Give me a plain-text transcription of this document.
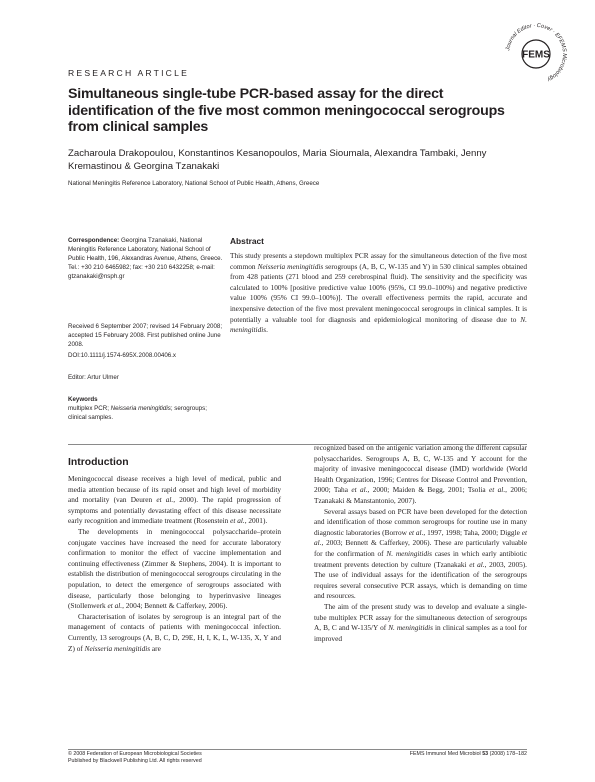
FEMS
Journal Editor · Cover · EFEMS Microbiology
RESEARCH ARTICLE
Simultaneous single-tube PCR-based assay for the direct identification of the five most common meningococcal serogroups from clinical samples
Zacharoula Drakopoulou, Konstantinos Kesanopoulos, Maria Sioumala, Alexandra Tambaki, Jenny Kremastinou & Georgina Tzanakaki
National Meningitis Reference Laboratory, National School of Public Health, Athens, Greece
Correspondence: Georgina Tzanakaki, National Meningitis Reference Laboratory, National School of Public Health, 196, Alexandras Avenue, Athens, Greece. Tel.: +30 210 6465982; fax: +30 210 6432258; e-mail: gtzanakaki@nsph.gr
Received 6 September 2007; revised 14 February 2008; accepted 15 February 2008. First published online June 2008.
DOI:10.1111/j.1574-695X.2008.00406.x
Editor: Artur Ulmer
Keywords
multiplex PCR; Neisseria meningitidis; serogroups; clinical samples.
Abstract

This study presents a stepdown multiplex PCR assay for the simultaneous detection of the five most common Neisseria meningitidis serogroups (A, B, C, W-135 and Y) in 530 clinical samples obtained from 428 patients (271 blood and 259 cerebrospinal fluid). The sensitivity and the specificity was calculated to 100% [positive predictive value 100% (95%, CI 99.0–100%) and negative predictive value 100% (95% CI 99.0–100%)]. The overall effectiveness permits the rapid, accurate and inexpensive detection of the five most prevalent meningococcal serogroups in clinical samples. It is potentially a valuable tool for diagnosis and epidemiological monitoring of disease due to N. meningitidis.

Introduction

Meningococcal disease receives a high level of medical, public and media attention because of its rapid onset and high level of morbidity and mortality (van Deuren et al., 2000). The rapid progression of symptoms and potentially devastating effect of this disease necessitate early recognition and immediate treatment (Rosenstein et al., 2001).

The developments in meningococcal polysaccharide–protein conjugate vaccines have increased the need for accurate laboratory confirmation to monitor the effect of vaccine implementation and continuing effectiveness (Zimmer & Stephens, 2004). It is important to establish the distribution of meningococcal serogroups circulating in the population, to detect the emergence of serogroups associated with disease, particularly those belonging to hyperinvasive lineages (Stollenwerk et al., 2004; Bennett & Cafferkey, 2006).

Characterisation of isolates by serogroup is an integral part of the management of contacts of patients with meningococcal infection. Currently, 13 serogroups (A, B, C, D, 29E, H, I, K, L, W-135, X, Y and Z) of Neisseria meningitidis are

recognized based on the antigenic variation among the different capsular polysaccharides. Serogroups A, B, C, W-135 and Y account for the majority of invasive meningococcal disease (IMD) worldwide (World Health Organization, 1996; Centres for Disease Control and Prevention, 2000; Taha et al., 2000; Maiden & Begg, 2001; Tsolia et al., 2006; Tzanakaki & Manstantonio, 2007).

Several assays based on PCR have been developed for the detection and identification of those common serogroups for routine use in many diagnostic laboratories (Borrow et al., 1997, 1998; Taha, 2000; Diggle et al., 2003; Bennett & Cafferkey, 2006). These are particularly valuable for the confirmation of N. meningitidis cases in which early antibiotic treatment prevents detection by culture (Tzanakaki et al., 2003, 2005). The use of individual assays for the identification of the serogroups requires several consecutive PCR assays, which is demanding on time and resources.

The aim of the present study was to develop and evaluate a single-tube multiplex PCR assay for the simultaneous detection of serogroups A, B, C and W-135/Y of N. meningitidis in clinical samples as a tool for improved

© 2008 Federation of European Microbiological Societies
Published by Blackwell Publishing Ltd. All rights reserved
FEMS Immunol Med Microbiol 53 (2008) 178–182
